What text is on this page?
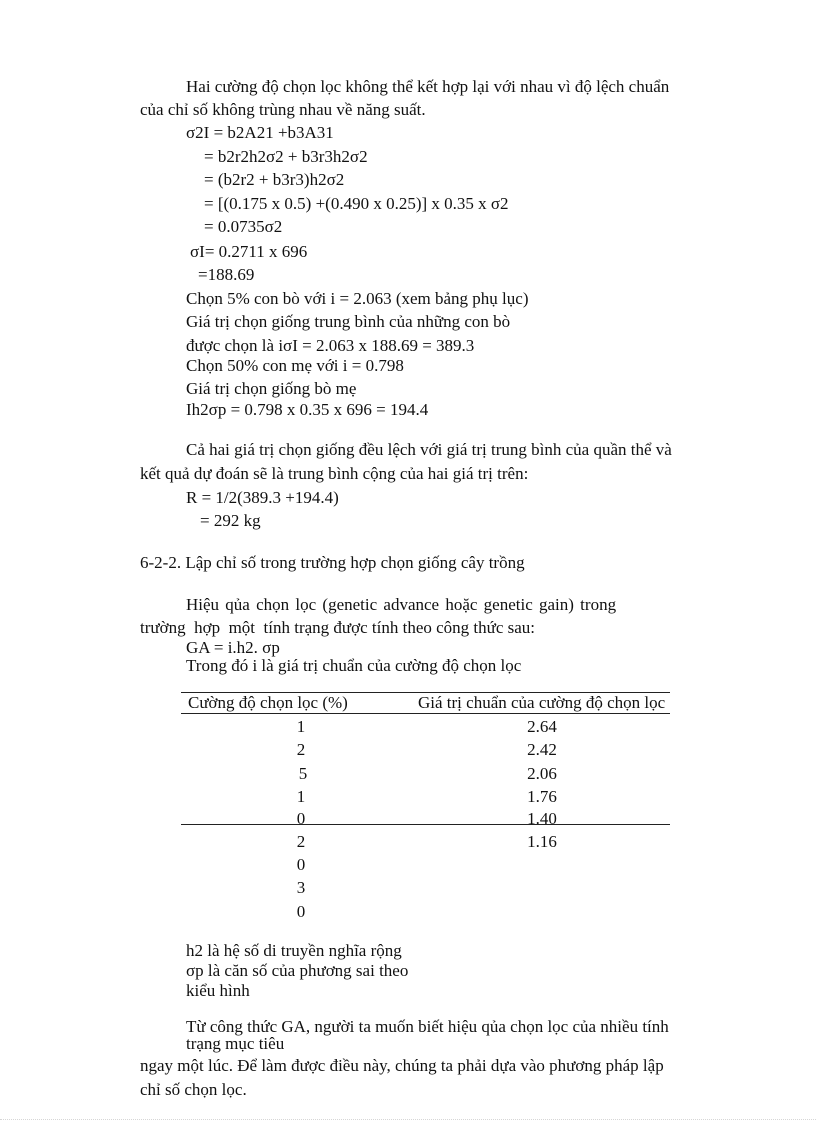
Hai cường độ chọn lọc không thể kết hợp lại với nhau vì độ lệch chuẩn
của chỉ số không trùng nhau về năng suất.
σ2I = b2A21 +b3A31
= b2r2h2σ2 + b3r3h2σ2
= (b2r2 + b3r3)h2σ2
= [(0.175 x 0.5) +(0.490 x 0.25)] x 0.35 x σ2
= 0.0735σ2
σI= 0.2711 x 696
=188.69
Chọn 5% con bò với i = 2.063 (xem bảng phụ lục)
Giá trị chọn giống trung bình của những con bò
được chọn là iσI = 2.063 x 188.69 = 389.3
Chọn 50% con mẹ với i = 0.798
Giá trị chọn giống bò mẹ
Ih2σp = 0.798 x 0.35 x 696 = 194.4
Cả hai giá trị chọn giống đều lệch với giá trị trung bình của quần thể và
kết quả dự đoán sẽ là trung bình cộng của hai giá trị trên:
R = 1/2(389.3 +194.4)
= 292 kg
6-2-2. Lập chỉ số trong trường hợp chọn giống cây trồng
Hiệu qủa chọn lọc (genetic advance hoặc genetic gain) trong
trường  hợp  một  tính trạng được tính theo công thức sau:
GA = i.h2. σp
Trong đó i là giá trị chuẩn của cường độ chọn lọc
Cường độ chọn lọc (%)	Giá trị chuẩn của cường độ chọn lọc
1
2
5
1
0
2
0
3
0
2.64
2.42
2.06
1.76
1.40
1.16
h2 là hệ số di truyền nghĩa rộng
σp là căn số của phương sai theo
kiểu hình
Từ công thức GA, người ta muốn biết hiệu qủa chọn lọc của nhiều tính
trạng mục tiêu
ngay một lúc. Để làm được điều này, chúng ta phải dựa vào phương pháp lập
chỉ số chọn lọc.
